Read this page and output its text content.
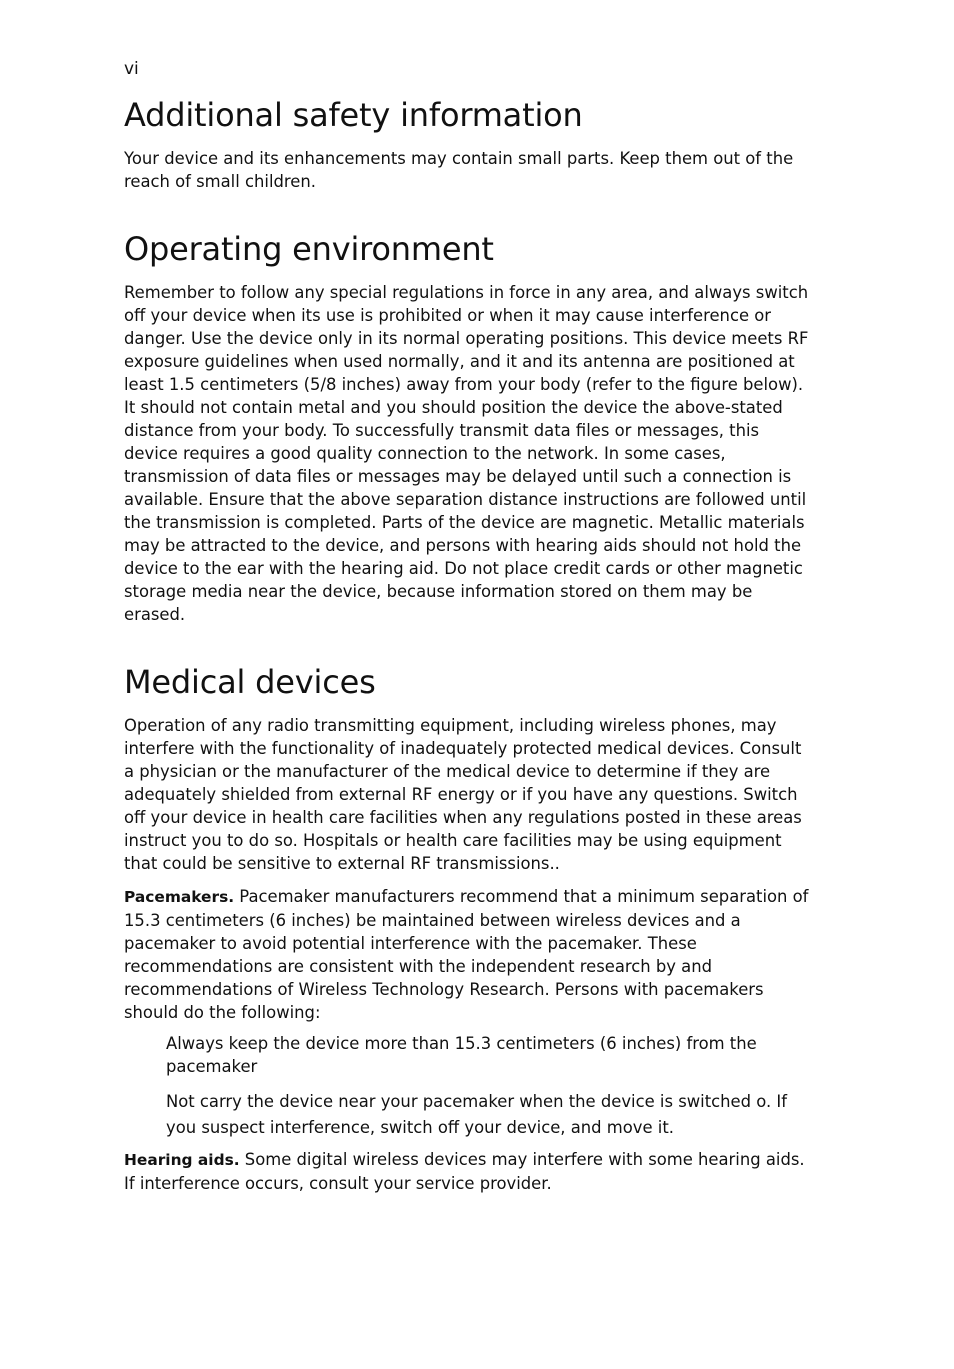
vi
Additional safety information

Your device and its enhancements may contain small parts. Keep them out of the reach of small children.

Operating environment

Remember to follow any special regulations in force in any area, and always switch off your device when its use is prohibited or when it may cause interference or danger. Use the device only in its normal operating positions. This device meets RF exposure guidelines when used normally, and it and its antenna are positioned at least 1.5 centimeters (5/8 inches) away from your body (refer to the figure below). It should not contain metal and you should position the device the above-stated distance from your body. To successfully transmit data files or messages, this device requires a good quality connection to the network. In some cases, transmission of data files or messages may be delayed until such a connection is available. Ensure that the above separation distance instructions are followed until the transmission is completed. Parts of the device are magnetic. Metallic materials may be attracted to the device, and persons with hearing aids should not hold the device to the ear with the hearing aid. Do not place credit cards or other magnetic storage media near the device, because information stored on them may be erased.

Medical devices

Operation of any radio transmitting equipment, including wireless phones, may interfere with the functionality of inadequately protected medical devices. Consult a physician or the manufacturer of the medical device to determine if they are adequately shielded from external RF energy or if you have any questions. Switch off your device in health care facilities when any regulations posted in these areas instruct you to do so. Hospitals or health care facilities may be using equipment that could be sensitive to external RF transmissions..

Pacemakers. Pacemaker manufacturers recommend that a minimum separation of 15.3 centimeters (6 inches) be maintained between wireless devices and a pacemaker to avoid potential interference with the pacemaker. These recommendations are consistent with the independent research by and recommendations of Wireless Technology Research. Persons with pacemakers should do the following:

Always keep the device more than 15.3 centimeters (6 inches) from the pacemaker

Not carry the device near your pacemaker when the device is switched o. If you suspect interference, switch off your device, and move it.

Hearing aids. Some digital wireless devices may interfere with some hearing aids. If interference occurs, consult your service provider.
